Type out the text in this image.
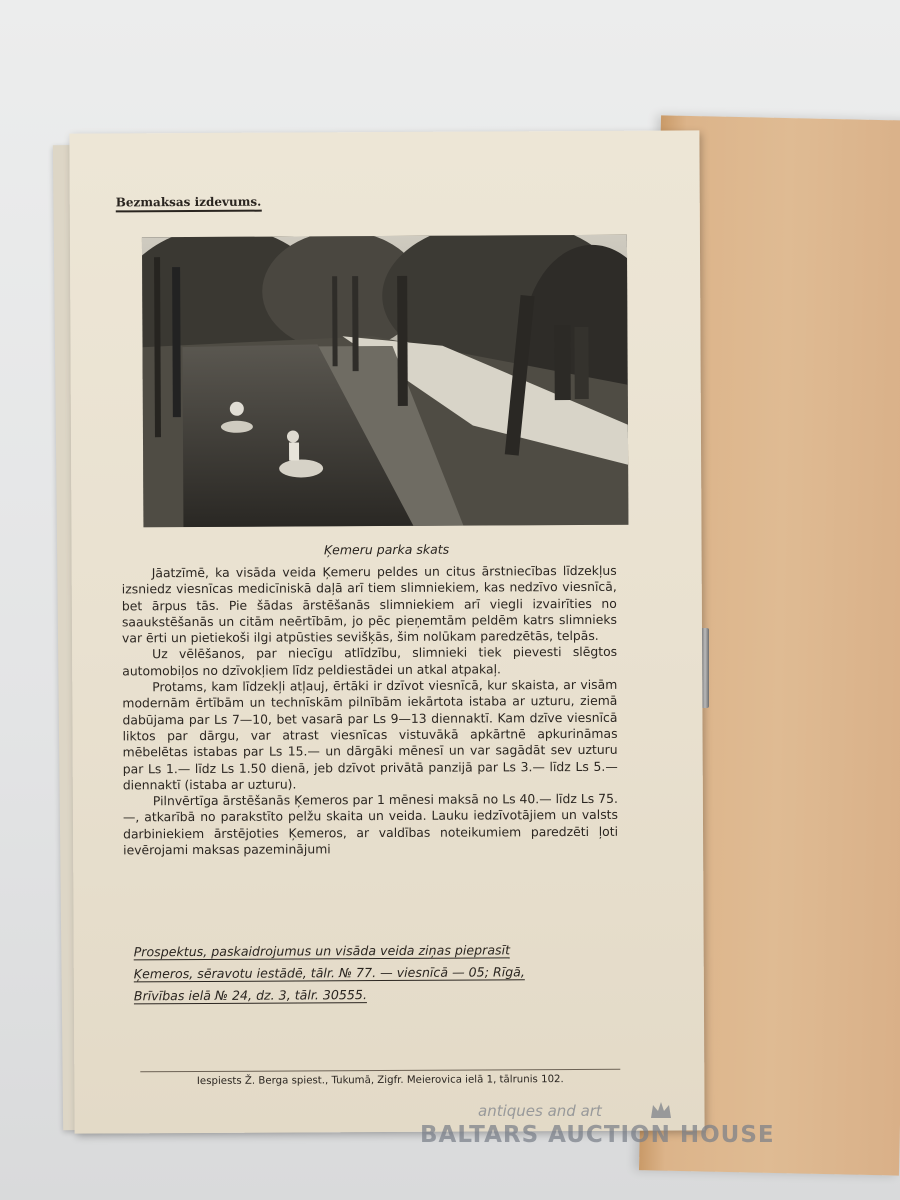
Bezmaksas izdevums.
Ķemeru parka skats

Jāatzīmē, ka visāda veida Ķemeru peldes un citus ārstniecības līdzekļus izsniedz viesnīcas medicīniskā daļā arī tiem slimniekiem, kas nedzīvo viesnīcā, bet ārpus tās. Pie šādas ārstēšanās slimniekiem arī viegli izvairīties no saaukstēšanās un citām neērtībām, jo pēc pieņemtām peldēm katrs slimnieks var ērti un pietiekoši ilgi atpūsties sevišķās, šim nolūkam paredzētās, telpās.

Uz vēlēšanos, par niecīgu atlīdzību, slimnieki tiek pievesti slēgtos automobiļos no dzīvokļiem līdz peldiestādei un atkal atpakaļ.

Protams, kam līdzekļi atļauj, ērtāki ir dzīvot viesnīcā, kur skaista, ar visām modernām ērtībām un technīskām pilnībām iekārtota istaba ar uzturu, ziemā dabūjama par Ls 7—10, bet vasarā par Ls 9—13 diennaktī. Kam dzīve viesnīcā liktos par dārgu, var atrast viesnīcas vistuvākā apkārtnē apkurināmas mēbelētas istabas par Ls 15.— un dārgāki mēnesī un var sagādāt sev uzturu par Ls 1.— līdz Ls 1.50 dienā, jeb dzīvot privātā panzijā par Ls 3.— līdz Ls 5.— diennaktī (istaba ar uzturu).

Pilnvērtīga ārstēšanās Ķemeros par 1 mēnesi maksā no Ls 40.— līdz Ls 75.—, atkarībā no parakstīto pelžu skaita un veida. Lauku iedzīvotājiem un valsts darbiniekiem ārstējoties Ķemeros, ar valdības noteikumiem paredzēti ļoti ievērojami maksas pazeminājumi

Prospektus, paskaidrojumus un visāda veida ziņas pieprasīt
Ķemeros, sēravotu iestādē, tālr. № 77. — viesnīcā — 05; Rīgā,
Brīvības ielā № 24, dz. 3, tālr. 30555.
Iespiests Ž. Berga spiest., Tukumā, Zigfr. Meierovica ielā 1, tālrunis 102.
antiques and art
BALTARS AUCTION HOUSE
